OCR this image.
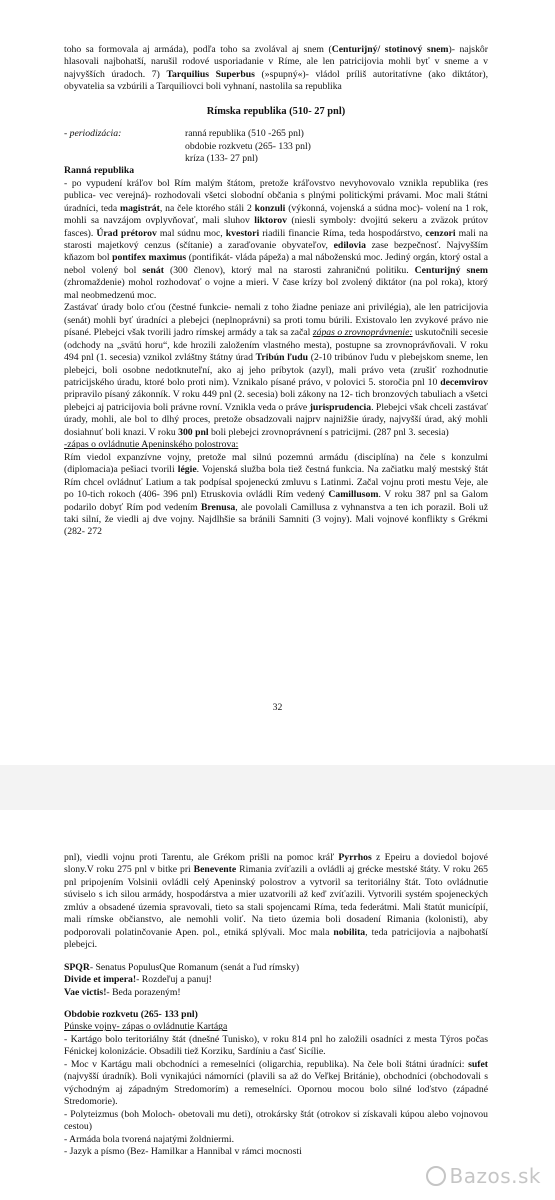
toho sa formovala aj armáda), podľa toho sa zvolával aj snem (Centurijný/ stotinový snem)- najskôr hlasovali najbohatší, narušil rodové usporiadanie v Ríme, ale len patricijovia mohli byť v sneme a v najvyšších úradoch. 7) Tarquilius Superbus (»spupný«)- vládol príliš autoritatívne (ako diktátor), obyvatelia sa vzbúrili a Tarquiliovci boli vyhnaní, nastolila sa republika

Rímska republika (510- 27 pnl)
- periodizácia:	ranná republika (510 -265 pnl)
obdobie rozkvetu (265- 133 pnl)
kríza (133- 27 pnl)

Ranná republika

- po vypudení kráľov bol Rím malým štátom, pretože kráľovstvo nevyhovovalo vznikla republika (res publica- vec verejná)- rozhodovali všetci slobodní občania s plnými politickými právami. Moc mali štátni úradníci, teda magistrát, na čele ktorého stáli 2 konzuli (výkonná, vojenská a súdna moc)- volení na 1 rok, mohli sa navzájom ovplyvňovať, mali sluhov liktorov (niesli symboly: dvojitú sekeru a zväzok prútov fasces). Úrad prétorov mal súdnu moc, kvestori riadili financie Ríma, teda hospodárstvo, cenzori mali na starosti majetkový cenzus (sčítanie) a zaraďovanie obyvateľov, edilovia zase bezpečnosť. Najvyšším kňazom bol pontifex maximus (pontifikát- vláda pápeža) a mal náboženskú moc. Jediný orgán, ktorý ostal a nebol volený bol senát (300 členov), ktorý mal na starosti zahraničnú politiku. Centurijný snem (zhromaždenie) mohol rozhodovať o vojne a mieri. V čase krízy bol zvolený diktátor (na pol roka), ktorý mal neobmedzenú moc.

Zastávať úrady bolo cťou (čestné funkcie- nemali z toho žiadne peniaze ani privilégia), ale len patricijovia (senát) mohli byť úradníci a plebejci (neplnoprávni) sa proti tomu búrili. Existovalo len zvykové právo nie písané. Plebejci však tvorili jadro rímskej armády a tak sa začal zápas o zrovnoprávnenie: uskutočnili secesie (odchody na „svätú horu“, kde hrozili založením vlastného mesta), postupne sa zrovnoprávňovali. V roku 494 pnl (1. secesia) vznikol zvláštny štátny úrad Tribún ľudu (2-10 tribúnov ľudu v plebejskom sneme, len plebejci, boli osobne nedotknuteľní, ako aj jeho príbytok (azyl), mali právo veta (zrušiť rozhodnutie patricijského úradu, ktoré bolo proti nim). Vznikalo písané právo, v polovici 5. storočia pnl 10 decemvirov pripravilo písaný zákonník. V roku 449 pnl (2. secesia) boli zákony na 12- tich bronzových tabuliach a všetci plebejci aj patricijovia boli právne rovní. Vznikla veda o práve jurisprudencia. Plebejci však chceli zastávať úrady, mohli, ale bol to dlhý proces, pretože obsadzovali najprv najnižšie úrady, najvyšší úrad, aký mohli dosiahnuť boli knazi. V roku 300 pnl boli plebejci zrovnoprávnení s patricijmi. (287 pnl 3. secesia)

-zápas o ovládnutie Apeninského polostrova:

Rím viedol expanzívne vojny, pretože mal silnú pozemnú armádu (disciplína) na čele s konzulmi (diplomacia)a pešiaci tvorili légie. Vojenská služba bola tiež čestná funkcia. Na začiatku malý mestský štát Rím chcel ovládnuť Latium a tak podpísal spojeneckú zmluvu s Latinmi. Začal vojnu proti mestu Veje, ale po 10-tich rokoch (406- 396 pnl) Etruskovia ovládli Rím vedený Camillusom. V roku 387 pnl sa Galom podarilo dobyť Rím pod vedením Brenusa, ale povolali Camillusa z vyhnanstva a ten ich porazil. Boli už taki silní, že viedli aj dve vojny. Najdlhšie sa bránili Samniti (3 vojny). Mali vojnové konflikty s Grékmi (282- 272

32

pnl), viedli vojnu proti Tarentu, ale Grékom prišli na pomoc kráľ Pyrrhos z Epeiru a doviedol bojové slony.V roku 275 pnl v bitke pri Benevente Rimania zvíťazili a ovládli aj grécke mestské štáty. V roku 265 pnl pripojením Volsinii ovládli celý Apeninský polostrov a vytvoril sa teritoriálny štát. Toto ovládnutie súviselo s ich silou armády, hospodárstva a mier uzatvorili až keď zvíťazili. Vytvorili systém spojeneckých zmlúv a obsadené územia spravovali, tieto sa stali spojencami Ríma, teda federátmi. Mali štatút municípií, mali rímske občianstvo, ale nemohli voliť. Na tieto územia boli dosadení Rimania (kolonisti), aby podporovali polatinčovanie Apen. pol., etniká splývali. Moc mala nobilita, teda patricijovia a najbohatší plebejci.

SPQR- Senatus PopulusQue Romanum (senát a ľud rímsky)

Divide et impera!- Rozdeľuj a panuj!

Vae victis!- Beda porazeným!

Obdobie rozkvetu (265- 133 pnl)

Púnske vojny- zápas o ovládnutie Kartága

- Kartágo bolo teritoriálny štát (dnešné Tunisko), v roku 814 pnl ho založili osadníci z mesta Týros počas Fénickej kolonizácie. Obsadili tiež Korziku, Sardíniu a časť Sicílie.

- Moc v Kartágu mali obchodníci a remeselníci (oligarchia, republika). Na čele boli štátni úradníci: sufet (najvyšší úradník). Boli vynikajúci námorníci (plavili sa až do Veľkej Británie), obchodníci (obchodovali s východným aj západným Stredomorím) a remeselníci. Opornou mocou bolo silné loďstvo (západné Stredomorie).

- Polyteizmus (boh Moloch- obetovali mu deti), otrokársky štát (otrokov si získavali kúpou alebo vojnovou cestou)

- Armáda bola tvorená najatými žoldniermi.

- Jazyk a písmo (Bez- Hamilkar a Hannibal v rámci mocnosti

Bazos.sk
